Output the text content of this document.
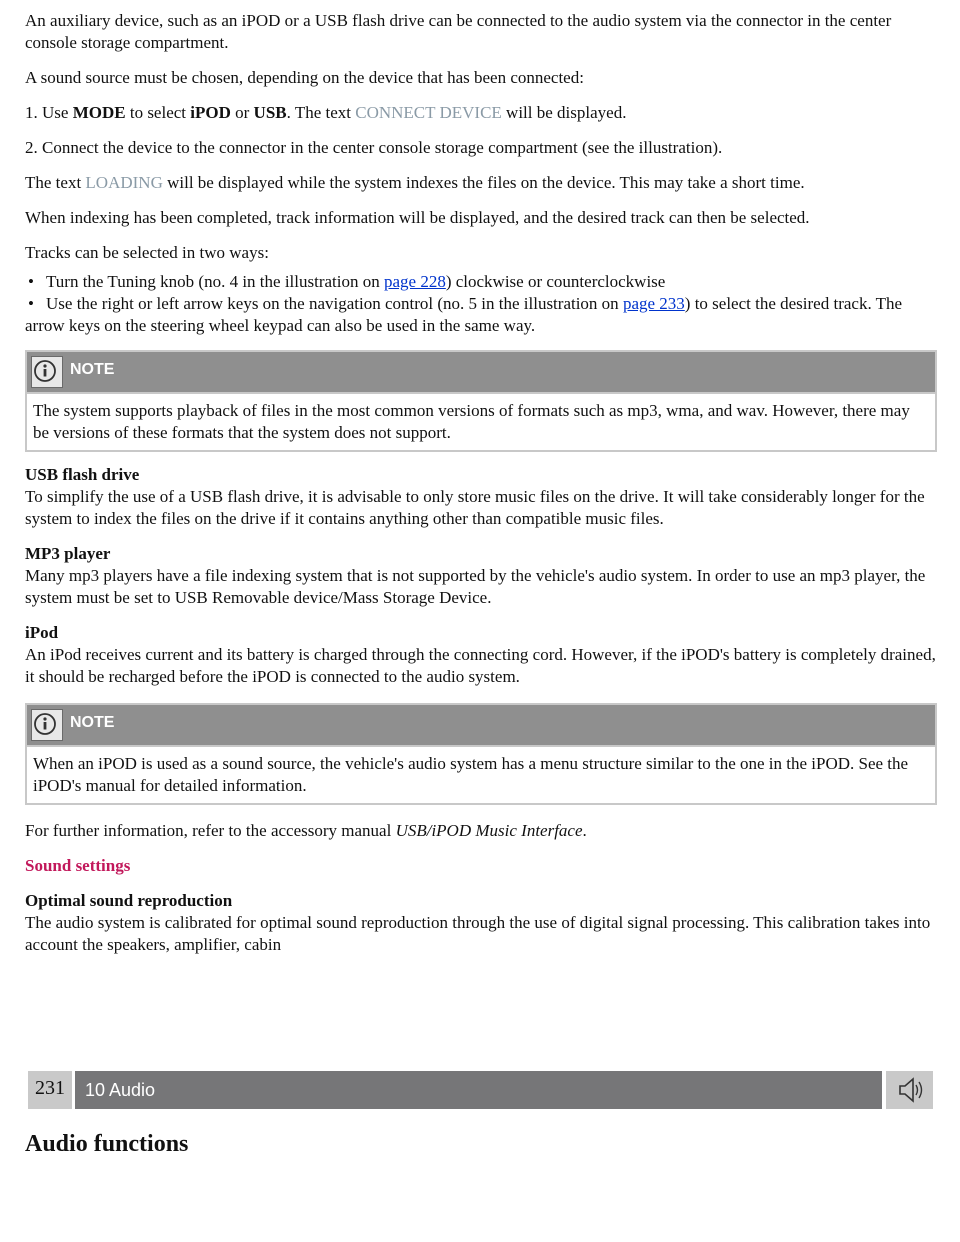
An auxiliary device, such as an iPOD or a USB flash drive can be connected to the audio system via the connector in the center console storage compartment.

A sound source must be chosen, depending on the device that has been connected:

1. Use MODE to select iPOD or USB. The text CONNECT DEVICE will be displayed.

2. Connect the device to the connector in the center console storage compartment (see the illustration).

The text LOADING will be displayed while the system indexes the files on the device. This may take a short time.

When indexing has been completed, track information will be displayed, and the desired track can then be selected.

Tracks can be selected in two ways:

• Turn the Tuning knob (no. 4 in the illustration on page 228) clockwise or counterclockwise
• Use the right or left arrow keys on the navigation control (no. 5 in the illustration on page 233) to select the desired track. The arrow keys on the steering wheel keypad can also be used in the same way.
NOTE
The system supports playback of files in the most common versions of formats such as mp3, wma, and wav. However, there may be versions of these formats that the system does not support.

USB flash drive
To simplify the use of a USB flash drive, it is advisable to only store music files on the drive. It will take considerably longer for the system to index the files on the drive if it contains anything other than compatible music files.

MP3 player
Many mp3 players have a file indexing system that is not supported by the vehicle's audio system. In order to use an mp3 player, the system must be set to USB Removable device/Mass Storage Device.

iPod
An iPod receives current and its battery is charged through the connecting cord. However, if the iPOD's battery is completely drained, it should be recharged before the iPOD is connected to the audio system.

NOTE
When an iPOD is used as a sound source, the vehicle's audio system has a menu structure similar to the one in the iPOD. See the iPOD's manual for detailed information.

For further information, refer to the accessory manual USB/iPOD Music Interface.

Sound settings

Optimal sound reproduction
The audio system is calibrated for optimal sound reproduction through the use of digital signal processing. This calibration takes into account the speakers, amplifier, cabin

231	10 Audio
Audio functions
